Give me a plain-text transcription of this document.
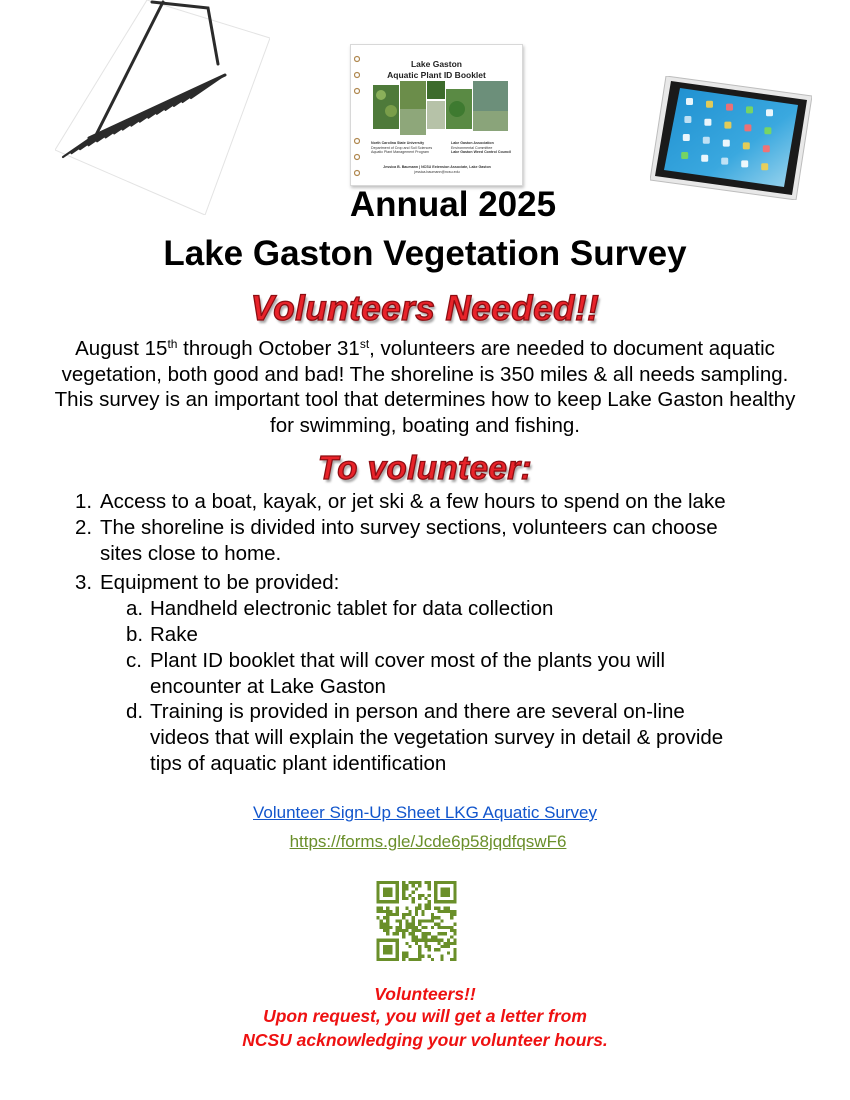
Lake Gaston
Aquatic Plant ID Booklet
North Carolina State University
Department of Crop and Soil Sciences
Aquatic Plant Management Program
Lake Gaston Association
Environmental Committee
Lake Gaston Weed Control Council
Jessica B. Baumann | NCSU Extension Associate, Lake Gaston
jessica.baumann@ncsu.edu
Annual 2025
Lake Gaston Vegetation Survey
Volunteers Needed!!
August 15th through October 31st, volunteers are needed to document aquatic vegetation, both good and bad! The shoreline is 350 miles & all needs sampling. This survey is an important tool that determines how to keep Lake Gaston healthy for swimming, boating and fishing.
To volunteer:
1. Access to a boat, kayak, or jet ski & a few hours to spend on the lake
2. The shoreline is divided into survey sections, volunteers can choose
sites close to home.
3. Equipment to be provided:
a. Handheld electronic tablet for data collection
b. Rake
c. Plant ID booklet that will cover most of the plants you will
encounter at Lake Gaston
d. Training is provided in person and there are several on-line
videos that will explain the vegetation survey in detail & provide
tips of aquatic plant identification
Volunteer Sign-Up Sheet LKG Aquatic Survey
https://forms.gle/Jcde6p58jqdfqswF6
Volunteers!!
Upon request, you will get a letter from
NCSU acknowledging your volunteer hours.
